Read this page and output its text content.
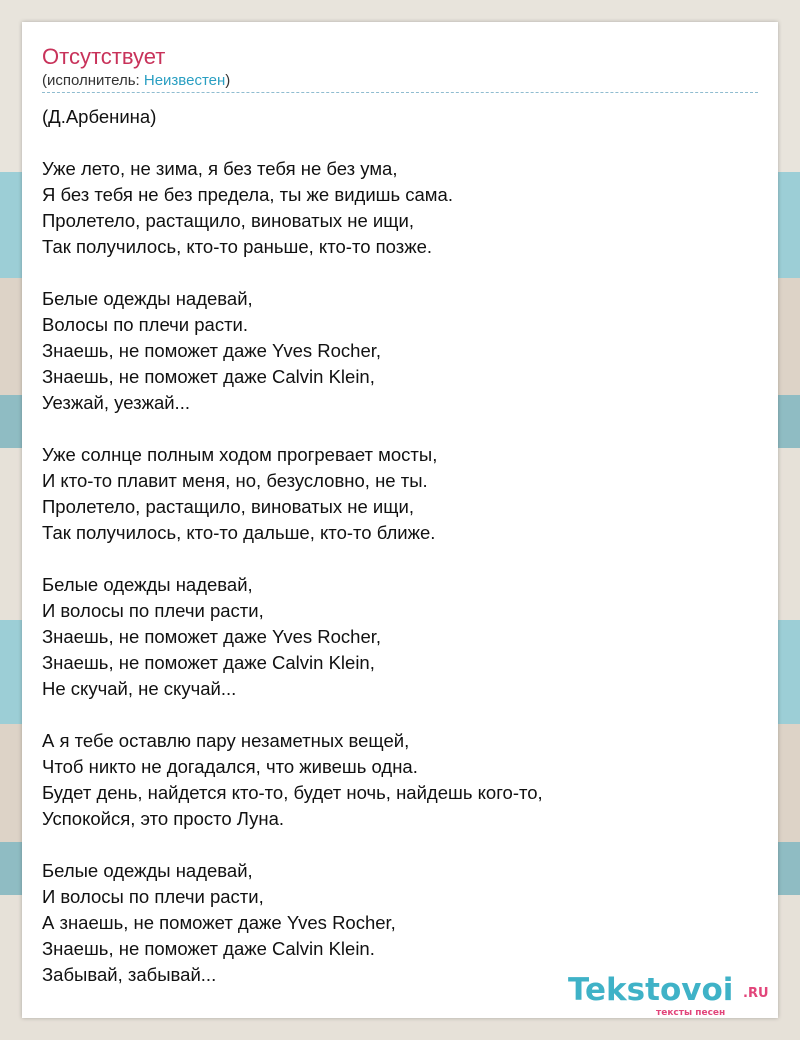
Отсутствует
(исполнитель: Неизвестен)
(Д.Арбенина)
Уже лето, не зима, я без тебя не без ума,
Я без тебя не без предела, ты же видишь сама.
Пролетело, растащило, виноватых не ищи,
Так получилось, кто-то раньше, кто-то позже.
Белые одежды надевай,
Волосы по плечи расти.
Знаешь, не поможет даже Yves Rocher,
Знаешь, не поможет даже Calvin Klein,
Уезжай, уезжай...
Уже солнце полным ходом прогревает мосты,
И кто-то плавит меня, но, безусловно, не ты.
Пролетело, растащило, виноватых не ищи,
Так получилось, кто-то дальше, кто-то ближе.
Белые одежды надевай,
И волосы по плечи расти,
Знаешь, не поможет даже Yves Rocher,
Знаешь, не поможет даже Calvin Klein,
Не скучай, не скучай...
А я тебе оставлю пару незаметных вещей,
Чтоб никто не догадался, что живешь одна.
Будет день, найдется кто-то, будет ночь, найдешь кого-то,
Успокойся, это просто Луна.
Белые одежды надевай,
И волосы по плечи расти,
А знаешь, не поможет даже Yves Rocher,
Знаешь, не поможет даже Calvin Klein.
Забывай, забывай...	Tekstovoi .RU
тексты песен
